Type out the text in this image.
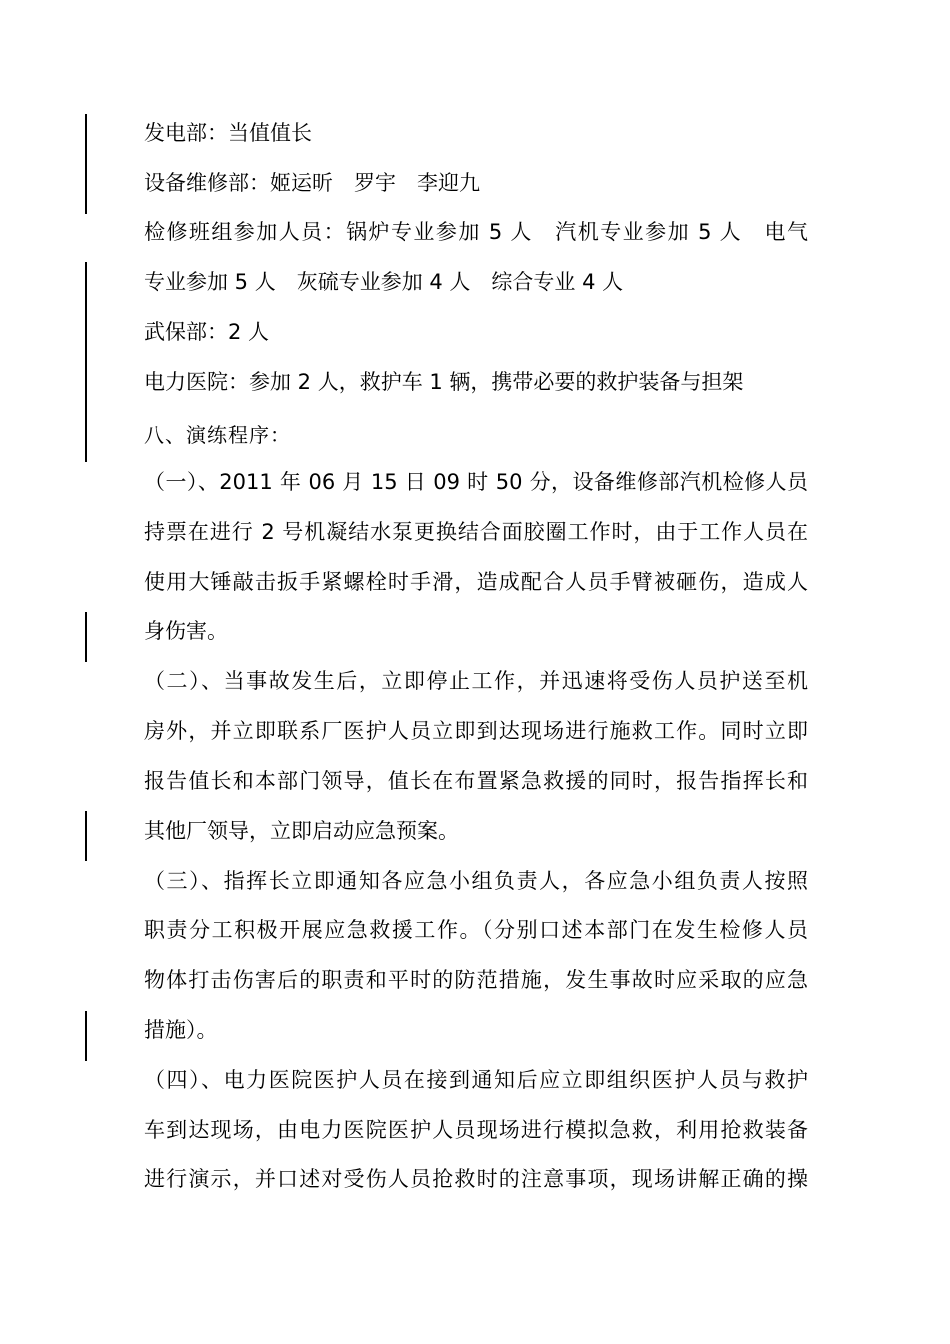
发电部：当值值长
设备维修部：姬运昕　罗宇　李迎九
检修班组参加人员：锅炉专业参加 5 人　汽机专业参加 5 人　电气
专业参加 5 人　灰硫专业参加 4 人　综合专业 4 人
武保部：2 人
电力医院：参加 2 人，救护车 1 辆，携带必要的救护装备与担架
八、演练程序：
（一）、2011 年 06 月 15 日 09 时 50 分，设备维修部汽机检修人员
持票在进行 2 号机凝结水泵更换结合面胶圈工作时，由于工作人员在
使用大锤敲击扳手紧螺栓时手滑，造成配合人员手臂被砸伤，造成人
身伤害。
（二）、当事故发生后，立即停止工作，并迅速将受伤人员护送至机
房外，并立即联系厂医护人员立即到达现场进行施救工作。同时立即
报告值长和本部门领导，值长在布置紧急救援的同时，报告指挥长和
其他厂领导，立即启动应急预案。
（三）、指挥长立即通知各应急小组负责人，各应急小组负责人按照
职责分工积极开展应急救援工作。（分别口述本部门在发生检修人员
物体打击伤害后的职责和平时的防范措施，发生事故时应采取的应急
措施）。
（四）、电力医院医护人员在接到通知后应立即组织医护人员与救护
车到达现场，由电力医院医护人员现场进行模拟急救，利用抢救装备
进行演示，并口述对受伤人员抢救时的注意事项，现场讲解正确的操
